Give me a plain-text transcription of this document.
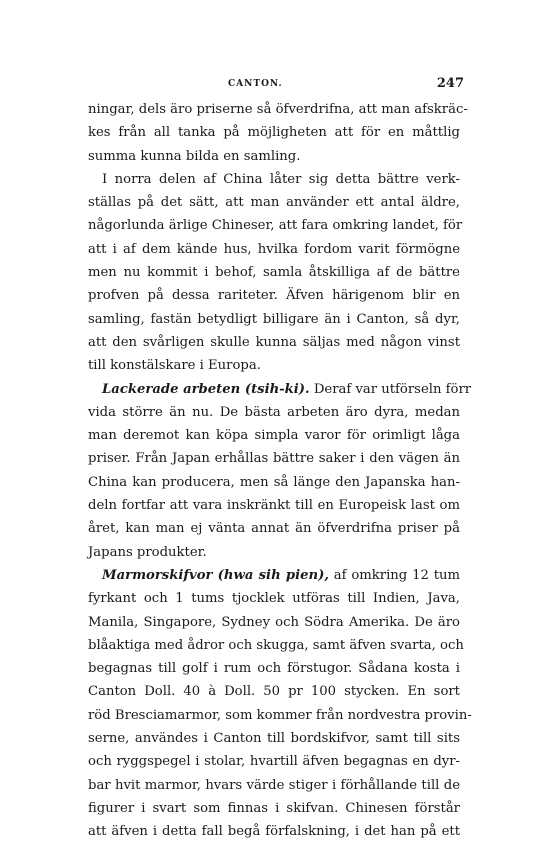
CANTON.	247
ningar, dels äro priserne så öfverdrifna, att man afskräc-
kes från all tanka på möjligheten att för en måttlig
summa kunna bilda en samling.
I norra delen af China låter sig detta bättre verk-
ställas på det sätt, att man använder ett antal äldre,
någorlunda ärlige Chineser, att fara omkring landet, för
att i af dem kände hus, hvilka fordom varit förmögne
men nu kommit i behof, samla åtskilliga af de bättre
profven på dessa rariteter. Äfven härigenom blir en
samling, fastän betydligt billigare än i Canton, så dyr,
att den svårligen skulle kunna säljas med någon vinst
till konstälskare i Europa.
Lackerade arbeten (tsih-ki). Deraf var utförseln förr
vida större än nu. De bästa arbeten äro dyra, medan
man deremot kan köpa simpla varor för orimligt låga
priser. Från Japan erhållas bättre saker i den vägen än
China kan producera, men så länge den Japanska han-
deln fortfar att vara inskränkt till en Europeisk last om
året, kan man ej vänta annat än öfverdrifna priser på
Japans produkter.
Marmorskifvor (hwa sih pien), af omkring 12 tum
fyrkant och 1 tums tjocklek utföras till Indien, Java,
Manila, Singapore, Sydney och Södra Amerika. De äro
blåaktiga med ådror och skugga, samt äfven svarta, och
begagnas till golf i rum och förstugor. Sådana kosta i
Canton Doll. 40 à Doll. 50 pr 100 stycken. En sort
röd Bresciamarmor, som kommer från nordvestra provin-
serne, användes i Canton till bordskifvor, samt till sits
och ryggspegel i stolar, hvartill äfven begagnas en dyr-
bar hvit marmor, hvars värde stiger i förhållande till de
figurer i svart som finnas i skifvan. Chinesen förstår
att äfven i detta fall begå förfalskning, i det han på ett
